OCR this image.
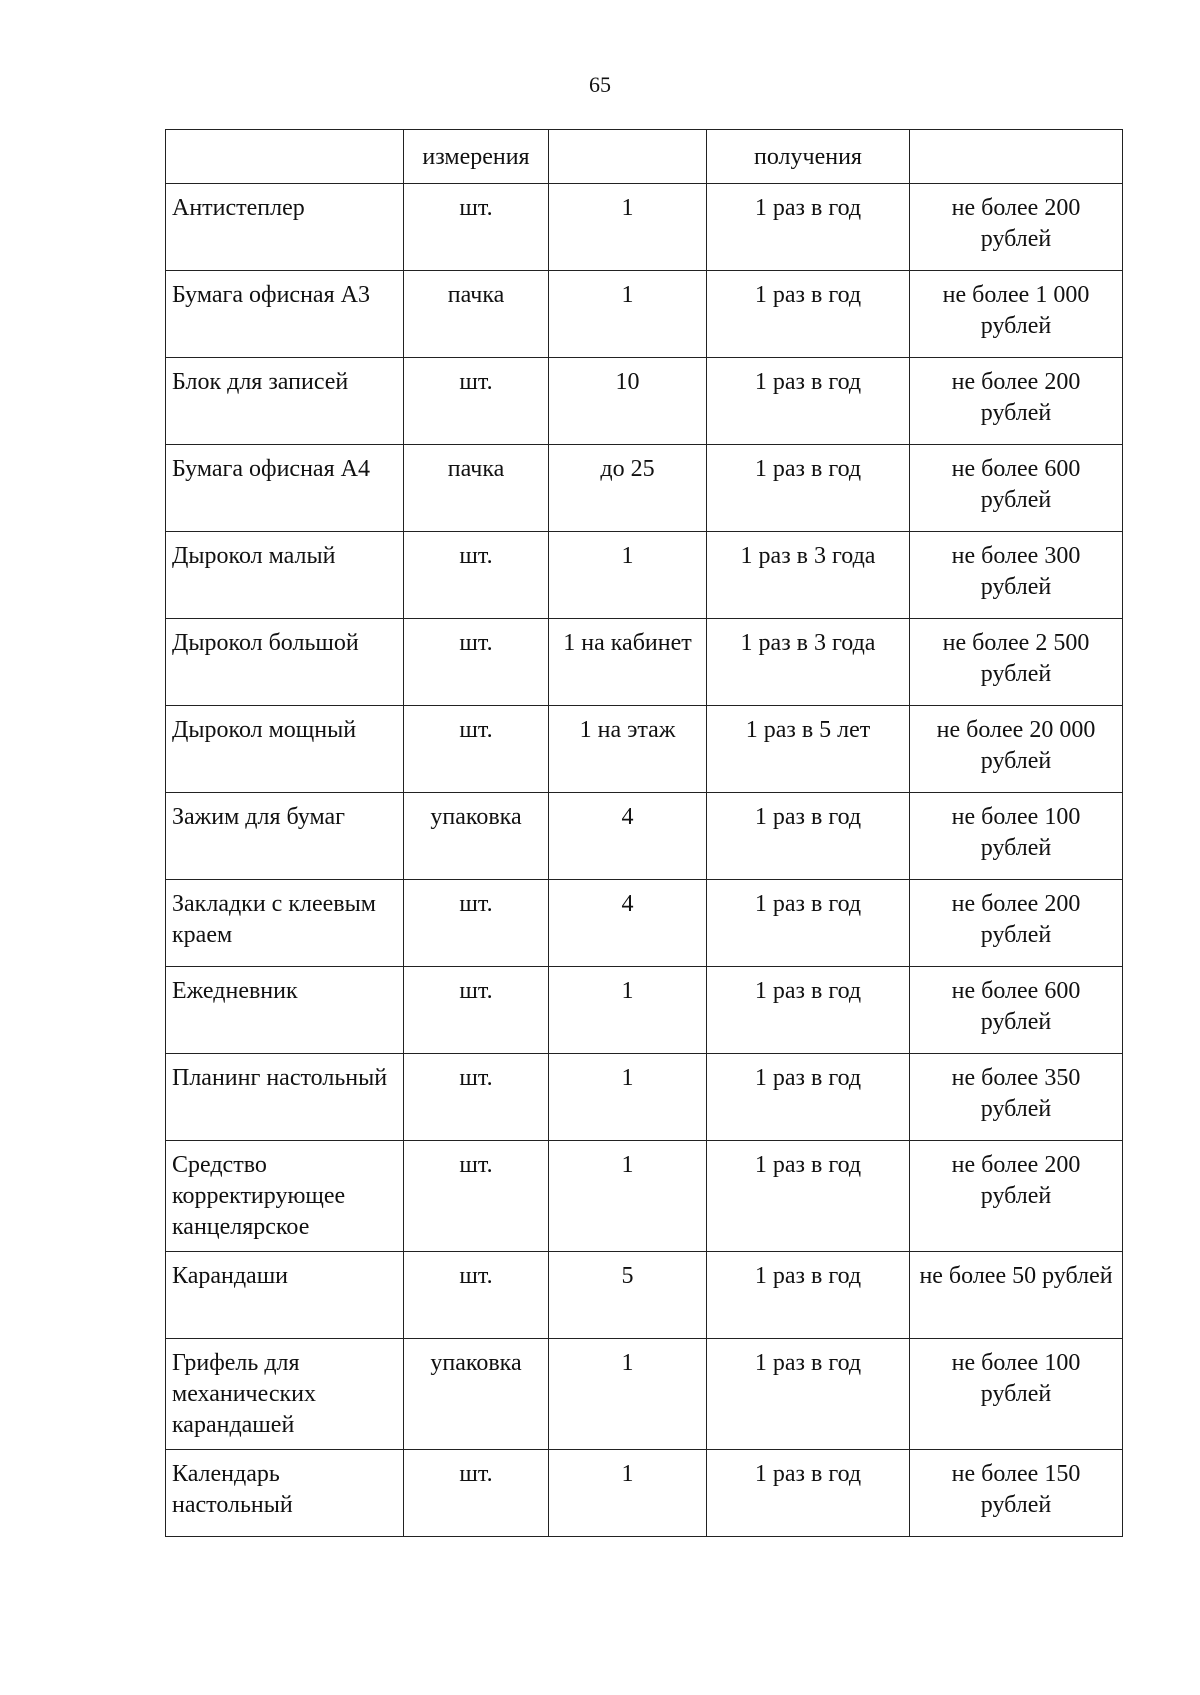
65
	измерения		получения	
Антистеплер	шт.	1	1 раз в год	не более 200 рублей
Бумага офисная А3	пачка	1	1 раз в год	не более 1 000 рублей
Блок для записей	шт.	10	1 раз в год	не более 200 рублей
Бумага офисная А4	пачка	до 25	1 раз в год	не более 600 рублей
Дырокол малый	шт.	1	1 раз в 3 года	не более 300 рублей
Дырокол большой	шт.	1 на кабинет	1 раз в 3 года	не более 2 500 рублей
Дырокол мощный	шт.	1 на этаж	1 раз в 5 лет	не более 20 000 рублей
Зажим для бумаг	упаковка	4	1 раз в год	не более 100 рублей
Закладки с клеевым краем	шт.	4	1 раз в год	не более 200 рублей
Ежедневник	шт.	1	1 раз в год	не более 600 рублей
Планинг настольный	шт.	1	1 раз в год	не более 350 рублей
Средство корректирующее канцелярское	шт.	1	1 раз в год	не более 200 рублей
Карандаши	шт.	5	1 раз в год	не более 50 рублей
Грифель для механических карандашей	упаковка	1	1 раз в год	не более 100 рублей
Календарь настольный	шт.	1	1 раз в год	не более 150 рублей
